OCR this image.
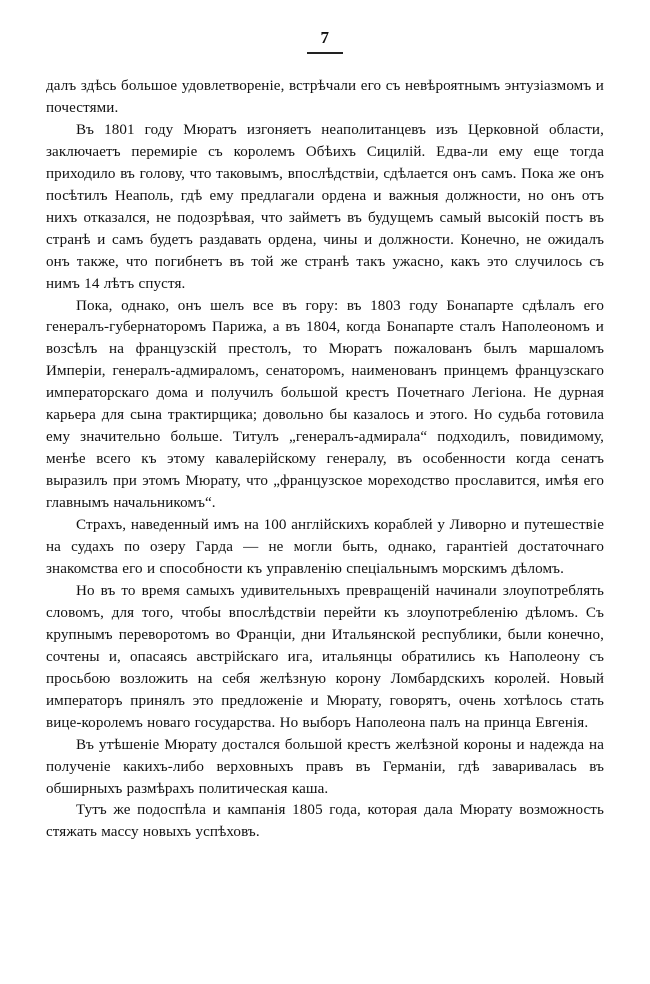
7

далъ здѣсь большое удовлетвореніе, встрѣчали его съ невѣроятнымъ энтузіазмомъ и почестями.

Въ 1801 году Мюратъ изгоняетъ неаполитанцевъ изъ Церковной области, заключаетъ перемиріе съ королемъ Обѣихъ Сицилій. Едва-ли ему еще тогда приходило въ голову, что таковымъ, впослѣдствіи, сдѣлается онъ самъ. Пока же онъ посѣтилъ Неаполь, гдѣ ему предлагали ордена и важныя должности, но онъ отъ нихъ отказался, не подозрѣвая, что займетъ въ будущемъ самый высокій постъ въ странѣ и самъ будетъ раздавать ордена, чины и должности. Конечно, не ожидалъ онъ также, что погибнетъ въ той же странѣ такъ ужасно, какъ это случилось съ нимъ 14 лѣтъ спустя.

Пока, однако, онъ шелъ все въ гору: въ 1803 году Бонапарте сдѣлалъ его генералъ-губернаторомъ Парижа, а въ 1804, когда Бонапарте сталъ Наполеономъ и возсѣлъ на французскій престолъ, то Мюратъ пожалованъ былъ маршаломъ Имперіи, генералъ-адмираломъ, сенаторомъ, наименованъ принцемъ французскаго императорскаго дома и получилъ большой крестъ Почетнаго Легіона. Не дурная карьера для сына трактирщика; довольно бы казалось и этого. Но судьба готовила ему значительно больше. Титулъ „генералъ-адмирала“ подходилъ, повидимому, менѣе всего къ этому кавалерійскому генералу, въ особенности когда сенатъ выразилъ при этомъ Мюрату, что „французское мореходство прославится, имѣя его главнымъ начальникомъ“.

Страхъ, наведенный имъ на 100 англійскихъ кораблей у Ливорно и путешествіе на судахъ по озеру Гарда — не могли быть, однако, гарантіей достаточнаго знакомства его и способности къ управленію спеціальнымъ морскимъ дѣломъ.

Но въ то время самыхъ удивительныхъ превращеній начинали злоупотреблять словомъ, для того, чтобы впослѣдствіи перейти къ злоупотребленію дѣломъ. Съ крупнымъ переворотомъ во Франціи, дни Итальянской республики, были конечно, сочтены и, опасаясь австрійскаго ига, итальянцы обратились къ Наполеону съ просьбою возложить на себя желѣзную корону Ломбардскихъ королей. Новый императоръ принялъ это предложеніе и Мюрату, говорятъ, очень хотѣлось стать вице-королемъ новаго государства. Но выборъ Наполеона палъ на принца Евгенія.

Въ утѣшеніе Мюрату достался большой крестъ желѣзной короны и надежда на полученіе какихъ-либо верховныхъ правъ въ Германіи, гдѣ заваривалась въ обширныхъ размѣрахъ политическая каша.

Тутъ же подоспѣла и кампанія 1805 года, которая дала Мюрату возможность стяжать массу новыхъ успѣховъ.
